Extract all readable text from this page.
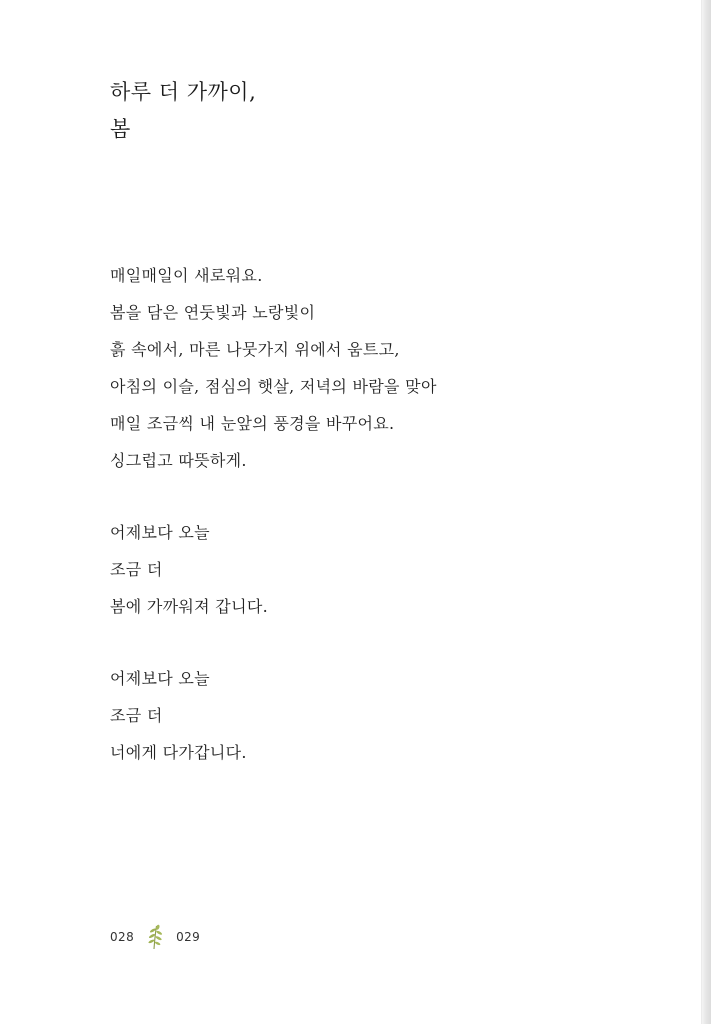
하루 더 가까이,
봄
매일매일이 새로워요.
봄을 담은 연둣빛과 노랑빛이
흙 속에서, 마른 나뭇가지 위에서 움트고,
아침의 이슬, 점심의 햇살, 저녁의 바람을 맞아
매일 조금씩 내 눈앞의 풍경을 바꾸어요.
싱그럽고 따뜻하게.
어제보다 오늘
조금 더
봄에 가까워져 갑니다.
어제보다 오늘
조금 더
너에게 다가갑니다.
028	029
